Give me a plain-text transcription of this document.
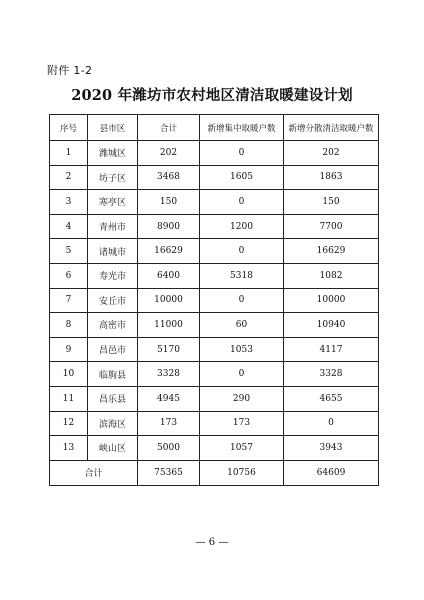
附件 1-2
2020 年潍坊市农村地区清洁取暖建设计划
序号	县市区	合计	新增集中取暖户数	新增分散清洁取暖户数
1	潍城区	202	0	202
2	坊子区	3468	1605	1863
3	寒亭区	150	0	150
4	青州市	8900	1200	7700
5	诸城市	16629	0	16629
6	寿光市	6400	5318	1082
7	安丘市	10000	0	10000
8	高密市	11000	60	10940
9	昌邑市	5170	1053	4117
10	临朐县	3328	0	3328
11	昌乐县	4945	290	4655
12	滨海区	173	173	0
13	峡山区	5000	1057	3943
合计		75365	10756	64609
— 6 —
